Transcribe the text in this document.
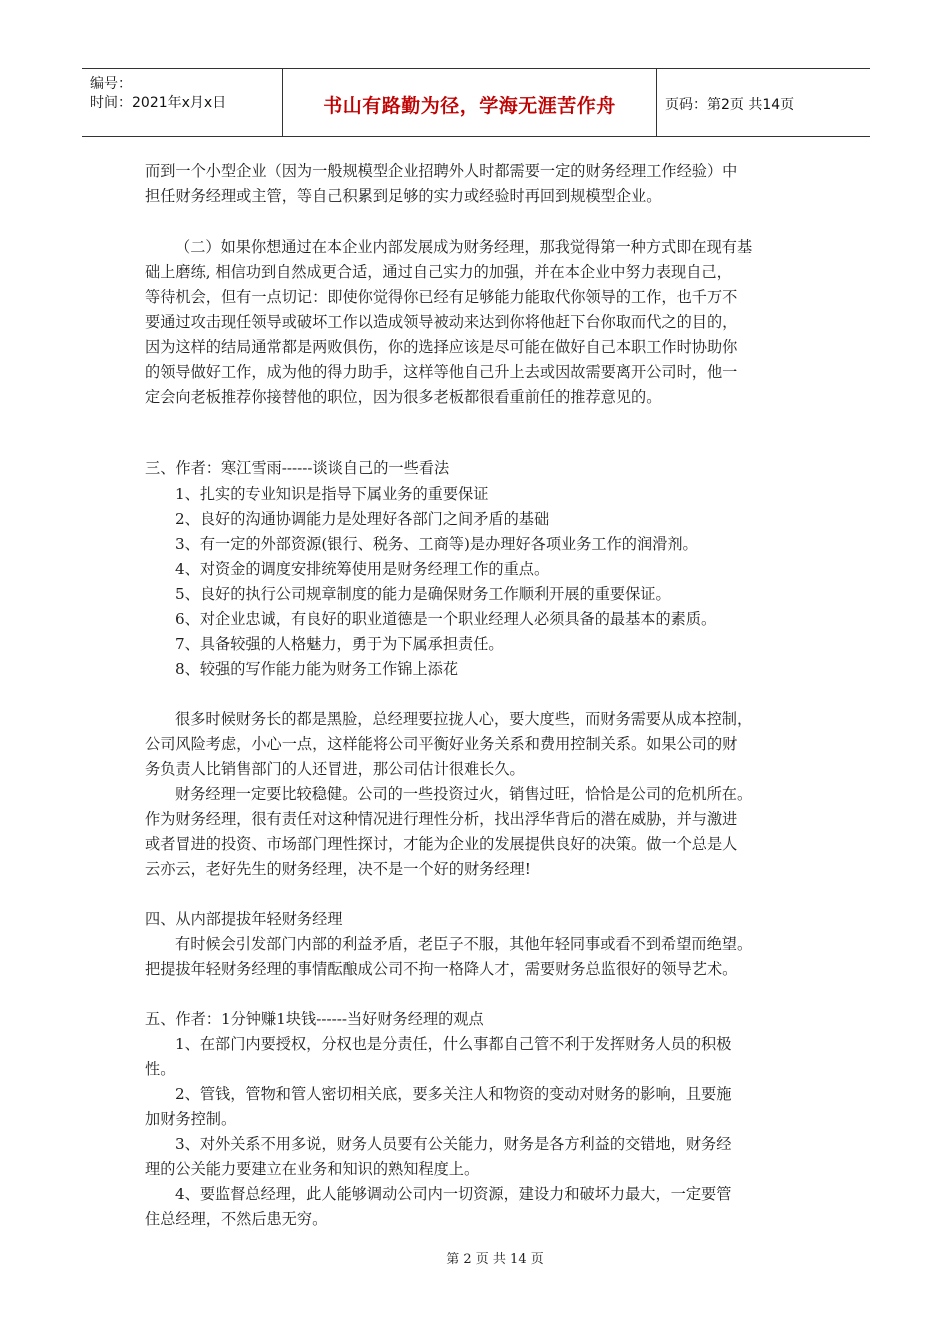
编号：
时间：2021年x月x日	书山有路勤为径，学海无涯苦作舟	页码：第2页 共14页
而到一个小型企业（因为一般规模型企业招聘外人时都需要一定的财务经理工作经验）中
担任财务经理或主管，等自己积累到足够的实力或经验时再回到规模型企业。
（二）如果你想通过在本企业内部发展成为财务经理，那我觉得第一种方式即在现有基
础上磨练, 相信功到自然成更合适，通过自己实力的加强，并在本企业中努力表现自己，
等待机会，但有一点切记：即使你觉得你已经有足够能力能取代你领导的工作，也千万不
要通过攻击现任领导或破坏工作以造成领导被动来达到你将他赶下台你取而代之的目的，
因为这样的结局通常都是两败俱伤，你的选择应该是尽可能在做好自己本职工作时协助你
的领导做好工作，成为他的得力助手，这样等他自己升上去或因故需要离开公司时，他一
定会向老板推荐你接替他的职位，因为很多老板都很看重前任的推荐意见的。
三、作者：寒江雪雨------谈谈自己的一些看法
1、扎实的专业知识是指导下属业务的重要保证
2、良好的沟通协调能力是处理好各部门之间矛盾的基础
3、有一定的外部资源(银行、税务、工商等)是办理好各项业务工作的润滑剂。
4、对资金的调度安排统筹使用是财务经理工作的重点。
5、良好的执行公司规章制度的能力是确保财务工作顺利开展的重要保证。
6、对企业忠诚，有良好的职业道德是一个职业经理人必须具备的最基本的素质。
7、具备较强的人格魅力，勇于为下属承担责任。
8、较强的写作能力能为财务工作锦上添花
很多时候财务长的都是黑脸，总经理要拉拢人心，要大度些，而财务需要从成本控制，
公司风险考虑，小心一点，这样能将公司平衡好业务关系和费用控制关系。如果公司的财
务负责人比销售部门的人还冒进，那公司估计很难长久。
财务经理一定要比较稳健。公司的一些投资过火，销售过旺，恰恰是公司的危机所在。
作为财务经理，很有责任对这种情况进行理性分析，找出浮华背后的潜在威胁，并与激进
或者冒进的投资、市场部门理性探讨，才能为企业的发展提供良好的决策。做一个总是人
云亦云，老好先生的财务经理，决不是一个好的财务经理!
四、从内部提拔年轻财务经理
有时候会引发部门内部的利益矛盾，老臣子不服，其他年轻同事或看不到希望而绝望。
把提拔年轻财务经理的事情酝酿成公司不拘一格降人才，需要财务总监很好的领导艺术。
五、作者：1分钟赚1块钱------当好财务经理的观点
1、在部门内要授权，分权也是分责任，什么事都自己管不利于发挥财务人员的积极
性。
2、管钱，管物和管人密切相关底，要多关注人和物资的变动对财务的影响，且要施
加财务控制。
3、对外关系不用多说，财务人员要有公关能力，财务是各方利益的交错地，财务经
理的公关能力要建立在业务和知识的熟知程度上。
4、要监督总经理，此人能够调动公司内一切资源，建设力和破坏力最大，一定要管
住总经理，不然后患无穷。
第 2 页 共 14 页
